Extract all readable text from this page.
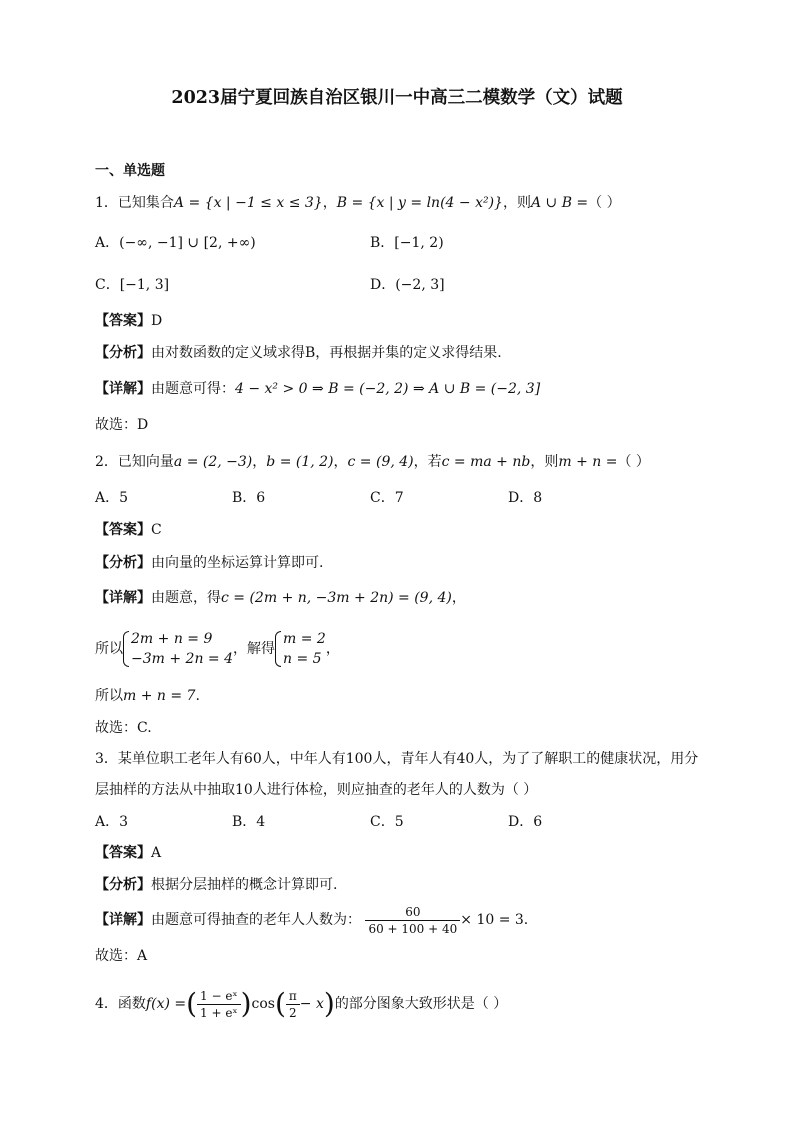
2023届宁夏回族自治区银川一中高三二模数学（文）试题
一、单选题
1．已知集合A = {x | −1 ≤ x ≤ 3}，B = {x | y = ln(4 − x²)}，则A ∪ B =（ ）
A．(−∞, −1] ∪ [2, +∞)	B．[−1, 2)
C．[−1, 3]	D．(−2, 3]
【答案】D
【分析】由对数函数的定义域求得B，再根据并集的定义求得结果.
【详解】由题意可得：4 − x² > 0 ⇒ B = (−2, 2) ⇒ A ∪ B = (−2, 3]
故选：D
2．已知向量a = (2, −3)，b = (1, 2)，c = (9, 4)，若c = ma + nb，则m + n =（ ）
A．5	B．6	C．7	D．8
【答案】C
【分析】由向量的坐标运算计算即可.
【详解】由题意，得c = (2m + n, −3m + 2n) = (9, 4)，
所以
2m + n = 9
−3m + 2n = 4
，解得
m = 2
n = 5
，
所以m + n = 7.
故选：C.
3．某单位职工老年人有60人，中年人有100人，青年人有40人，为了了解职工的健康状况，用分
层抽样的方法从中抽取10人进行体检，则应抽查的老年人的人数为（ ）
A．3	B．4	C．5	D．6
【答案】A
【分析】根据分层抽样的概念计算即可.
【详解】由题意可得抽查的老年人人数为： $\frac{60}{60 + 100 + 40} \times 10 = 3$.
故选：A
4．函数f(x) =( $\frac{\text{1 − eˣ}}{\text{1 + eˣ}} )\cos( \frac{\pi}{2} - x)$的部分图象大致形状是（ ）
